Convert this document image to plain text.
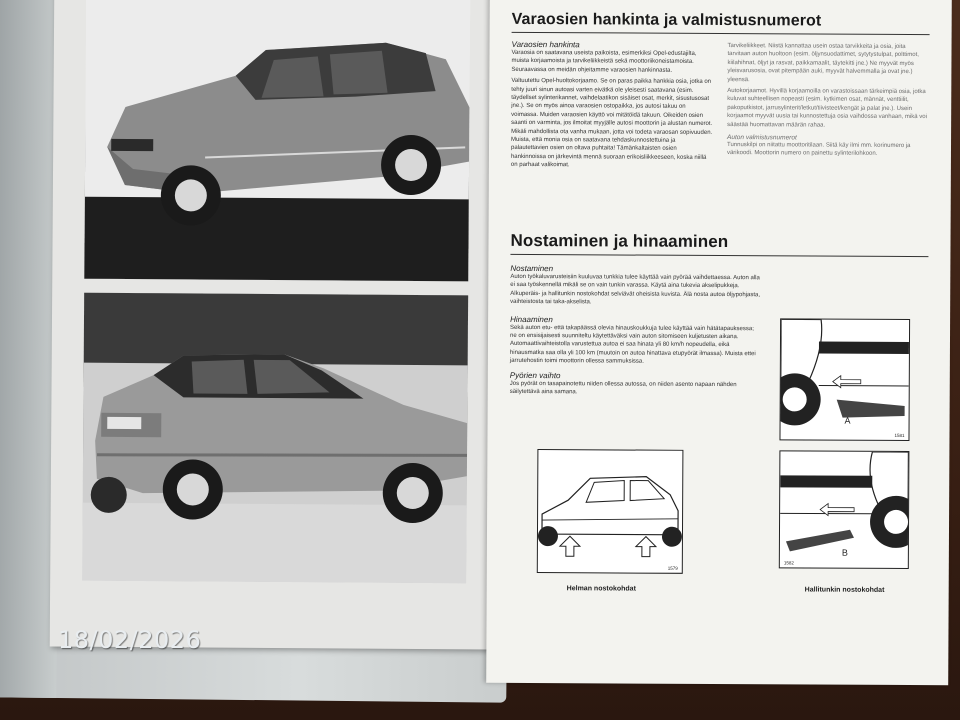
Varaosien hankinta ja valmistusnumerot
Varaosien hankinta

Varaosia on saatavana useista paikoista, esimerkiksi Opel-edustajilta, muista korjaamoista ja tarvikeliikkeistä sekä moottoriikoneistamoista. Seuraavassa on meidän ohjeitamme varaosien hankinnasta.

Valtuutettu Opel-huoltokorjaamo. Se on paras paikka hankkia osia, jotka on tehty juuri sinun autoasi varten eivätkä ole yleisesti saatavana (esim. täydellset sylinterikannet, vaihdelaatikon sisäiset osat, merkit, sisustusosat jne.). Se on myös ainoa varaosien ostopaikka, jos autosi takuu on voimassa. Muiden varaosien käyttö voi mitätöidä takuun. Oikeiden osien saanti on varminta, jos ilmoitat myyjälle autosi moottorin ja alustan numerot. Mikäli mahdollista ota vanha mukaan, jotta voi todeta varaosan sopivuuden. Muista, että monia osia on saatavana tehdaskunnostettuina ja palautettavien osien on oltava puhtaita! Tämänkaltaisten osien hankinnoissa on järkevintä mennä suoraan erikoisliikkeeseen, koska niillä on parhaat valikoimat.

Tarvikeliikkeet. Niistä kannattaa usein ostaa tarvikkeita ja osia, joita tarvitaan auton huoltoon (esim. öljynsuodattimet, sytytystulpat, polttimot, kiilahihnat, öljyt ja rasvat, paikkamaalit, täytekitti jne.) Ne myyvät myös yleisvarusosia, ovat pitempään auki, myyvät halvemmalla ja ovat jne.) yleensä.

Autokorjaamot. Hyvillä korjaamoilla on varastoissaan tärkeimpiä osia, jotka kuluvat suhteellisen nopeasti (esim. kytkimen osat, männät, venttiilit, pakoputkistot, jarrusylinterit/letkut/tiivisteet/kengät ja palat jne.). Usein korjaamot myyvät uusia tai kunnostettuja osia vaihdossa vanhaan, mikä voi säästää huomattavan määrän rahaa.

Auton valmistusnumerot

Tunnuskilpi on niitattu moottoritilaan. Siitä käy ilmi mm. korinumero ja värikoodi. Moottorin numero on painettu sylinterilohkoon.

Nostaminen ja hinaaminen
Nostaminen

Auton työkaluvarusteisiin kuuluvaa tunkkia tulee käyttää vain pyörää vaihdettaessa. Auton alla ei saa työskennellä mikäli se on vain tunkin varassa. Käytä aina tukevia akselipukkeja. Alkuperäis- ja hallitunkin nostokohdat selviävät oheisista kuvista. Älä nosta autoa öljypohjasta, vaihteistosta tai taka-akselista.

Hinaaminen

Sekä auton etu- että takapäässä olevia hinauskoukkuja tulee käyttää vain hätätapauksessa; ne on ensisijaisesti suunniteltu käytettäväksi vain auton sitomiseen kuljetusten aikana. Automaattivaihteistolla varustettua autoa ei saa hinata yli 80 km/h nopeudella, eikä hinausmatka saa olla yli 100 km (muutoin on autoa hinattava etupyörät ilmassa). Muista ettei jarrutehostin toimi moottorin ollessa sammuksissa.

Pyörien vaihto

Jos pyörät on tasapainotettu niiden ollessa autossa, on niiden asento napaan nähden säilytettävä aina samana.

1579
A
1581
B
1582
Helman nostokohdat	Hallitunkin nostokohdat
18/02/2026
